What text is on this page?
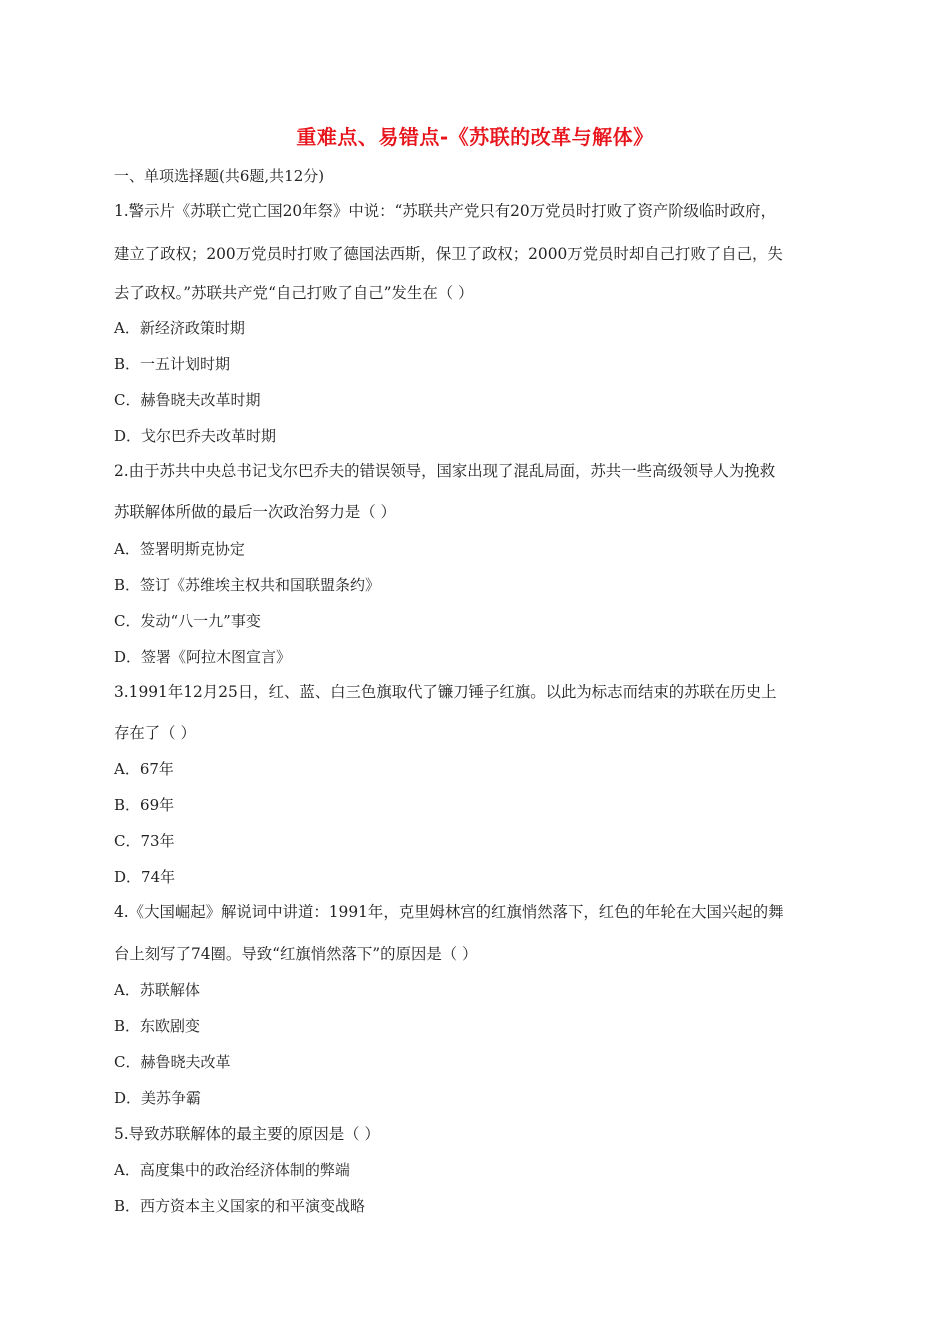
重难点、易错点-《苏联的改革与解体》
一、单项选择题(共6题,共12分)
1.警示片《苏联亡党亡国20年祭》中说：“苏联共产党只有20万党员时打败了资产阶级临时政府，
建立了政权；200万党员时打败了德国法西斯，保卫了政权；2000万党员时却自己打败了自己，失
去了政权。”苏联共产党“自己打败了自己”发生在（ ）
A．新经济政策时期
B．一五计划时期
C．赫鲁晓夫改革时期
D．戈尔巴乔夫改革时期
2.由于苏共中央总书记戈尔巴乔夫的错误领导，国家出现了混乱局面，苏共一些高级领导人为挽救
苏联解体所做的最后一次政治努力是（ ）
A．签署明斯克协定
B．签订《苏维埃主权共和国联盟条约》
C．发动“八一九”事变
D．签署《阿拉木图宣言》
3.1991年12月25日，红、蓝、白三色旗取代了镰刀锤子红旗。以此为标志而结束的苏联在历史上
存在了（ ）
A．67年
B．69年
C．73年
D．74年
4.《大国崛起》解说词中讲道：1991年，克里姆林宫的红旗悄然落下，红色的年轮在大国兴起的舞
台上刻写了74圈。导致“红旗悄然落下”的原因是（ ）
A．苏联解体
B．东欧剧变
C．赫鲁晓夫改革
D．美苏争霸
5.导致苏联解体的最主要的原因是（ ）
A．高度集中的政治经济体制的弊端
B．西方资本主义国家的和平演变战略
